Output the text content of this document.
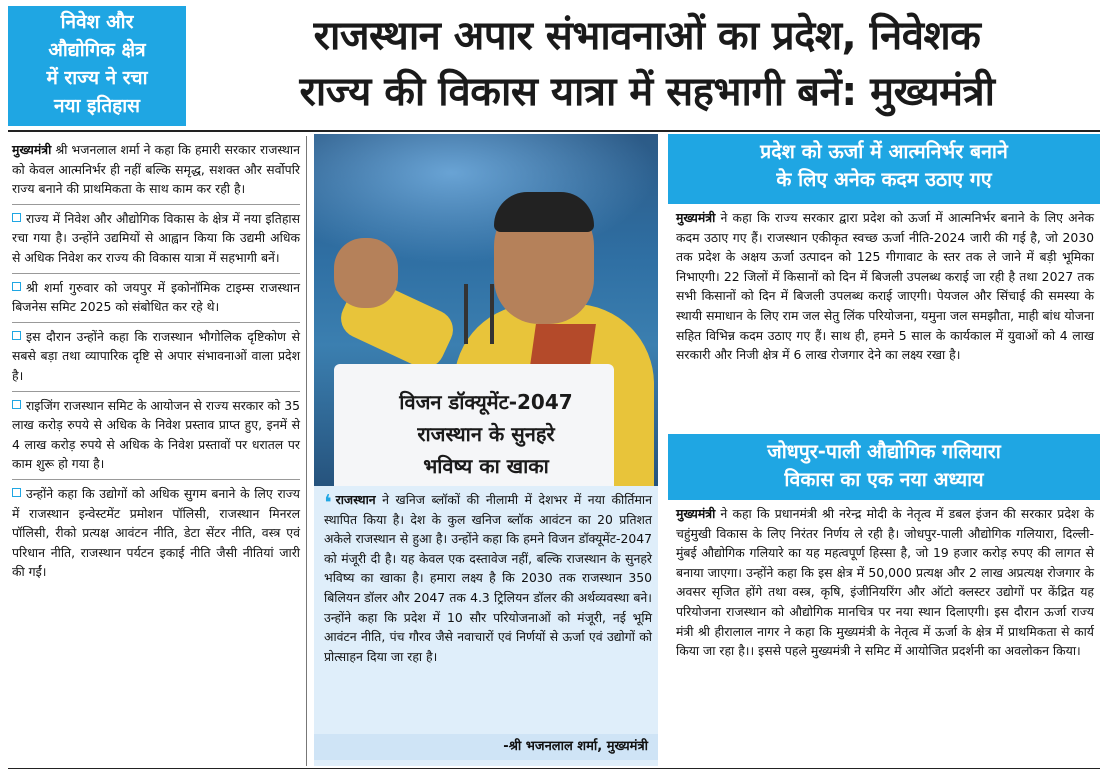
निवेश और
औद्योगिक क्षेत्र
में राज्य ने रचा
नया इतिहास
राजस्थान अपार संभावनाओं का प्रदेश, निवेशक
राज्य की विकास यात्रा में सहभागी बनें: मुख्यमंत्री

मुख्यमंत्री श्री भजनलाल शर्मा ने कहा कि हमारी सरकार राजस्थान को केवल आत्मनिर्भर ही नहीं बल्कि समृद्ध, सशक्त और सर्वोपरि राज्य बनाने की प्राथमिकता के साथ काम कर रही है।

राज्य में निवेश और औद्योगिक विकास के क्षेत्र में नया इतिहास रचा गया है। उन्होंने उद्यमियों से आह्वान किया कि उद्यमी अधिक से अधिक निवेश कर राज्य की विकास यात्रा में सहभागी बनें।

श्री शर्मा गुरुवार को जयपुर में इकोनॉमिक टाइम्स राजस्थान बिजनेस समिट 2025 को संबोधित कर रहे थे।

इस दौरान उन्होंने कहा कि राजस्थान भौगोलिक दृष्टिकोण से सबसे बड़ा तथा व्यापारिक दृष्टि से अपार संभावनाओं वाला प्रदेश है।

राइजिंग राजस्थान समिट के आयोजन से राज्य सरकार को 35 लाख करोड़ रुपये से अधिक के निवेश प्रस्ताव प्राप्त हुए, इनमें से 4 लाख करोड़ रुपये से अधिक के निवेश प्रस्तावों पर धरातल पर काम शुरू हो गया है।

उन्होंने कहा कि उद्योगों को अधिक सुगम बनाने के लिए राज्य में राजस्थान इन्वेस्टमेंट प्रमोशन पॉलिसी, राजस्थान मिनरल पॉलिसी, रीको प्रत्यक्ष आवंटन नीति, डेटा सेंटर नीति, वस्त्र एवं परिधान नीति, राजस्थान पर्यटन इकाई नीति जैसी नीतियां जारी की गईं।

विजन डॉक्यूमेंट-2047
राजस्थान के सुनहरे
भविष्य का खाका
❛ राजस्थान ने खनिज ब्लॉकों की नीलामी में देशभर में नया कीर्तिमान स्थापित किया है। देश के कुल खनिज ब्लॉक आवंटन का 20 प्रतिशत अकेले राजस्थान से हुआ है। उन्होंने कहा कि हमने विजन डॉक्यूमेंट-2047 को मंजूरी दी है। यह केवल एक दस्तावेज नहीं, बल्कि राजस्थान के सुनहरे भविष्य का खाका है। हमारा लक्ष्य है कि 2030 तक राजस्थान 350 बिलियन डॉलर और 2047 तक 4.3 ट्रिलियन डॉलर की अर्थव्यवस्था बने। उन्होंने कहा कि प्रदेश में 10 सौर परियोजनाओं को मंजूरी, नई भूमि आवंटन नीति, पंच गौरव जैसे नवाचारों एवं निर्णयों से ऊर्जा एवं उद्योगों को प्रोत्साहन दिया जा रहा है।
-श्री भजनलाल शर्मा, मुख्यमंत्री
प्रदेश को ऊर्जा में आत्मनिर्भर बनाने
के लिए अनेक कदम उठाए गए
मुख्यमंत्री ने कहा कि राज्य सरकार द्वारा प्रदेश को ऊर्जा में आत्मनिर्भर बनाने के लिए अनेक कदम उठाए गए हैं। राजस्थान एकीकृत स्वच्छ ऊर्जा नीति-2024 जारी की गई है, जो 2030 तक प्रदेश के अक्षय ऊर्जा उत्पादन को 125 गीगावाट के स्तर तक ले जाने में बड़ी भूमिका निभाएगी। 22 जिलों में किसानों को दिन में बिजली उपलब्ध कराई जा रही है तथा 2027 तक सभी किसानों को दिन में बिजली उपलब्ध कराई जाएगी। पेयजल और सिंचाई की समस्या के स्थायी समाधान के लिए राम जल सेतु लिंक परियोजना, यमुना जल समझौता, माही बांध योजना सहित विभिन्न कदम उठाए गए हैं। साथ ही, हमने 5 साल के कार्यकाल में युवाओं को 4 लाख सरकारी और निजी क्षेत्र में 6 लाख रोजगार देने का लक्ष्य रखा है।
जोधपुर-पाली औद्योगिक गलियारा
विकास का एक नया अध्याय
मुख्यमंत्री ने कहा कि प्रधानमंत्री श्री नरेन्द्र मोदी के नेतृत्व में डबल इंजन की सरकार प्रदेश के चहुंमुखी विकास के लिए निरंतर निर्णय ले रही है। जोधपुर-पाली औद्योगिक गलियारा, दिल्ली-मुंबई औद्योगिक गलियारे का यह महत्वपूर्ण हिस्सा है, जो 19 हजार करोड़ रुपए की लागत से बनाया जाएगा। उन्होंने कहा कि इस क्षेत्र में 50,000 प्रत्यक्ष और 2 लाख अप्रत्यक्ष रोजगार के अवसर सृजित होंगे तथा वस्त्र, कृषि, इंजीनियरिंग और ऑटो क्लस्टर उद्योगों पर केंद्रित यह परियोजना राजस्थान को औद्योगिक मानचित्र पर नया स्थान दिलाएगी। इस दौरान ऊर्जा राज्य मंत्री श्री हीरालाल नागर ने कहा कि मुख्यमंत्री के नेतृत्व में ऊर्जा के क्षेत्र में प्राथमिकता से कार्य किया जा रहा है।। इससे पहले मुख्यमंत्री ने समिट में आयोजित प्रदर्शनी का अवलोकन किया।
